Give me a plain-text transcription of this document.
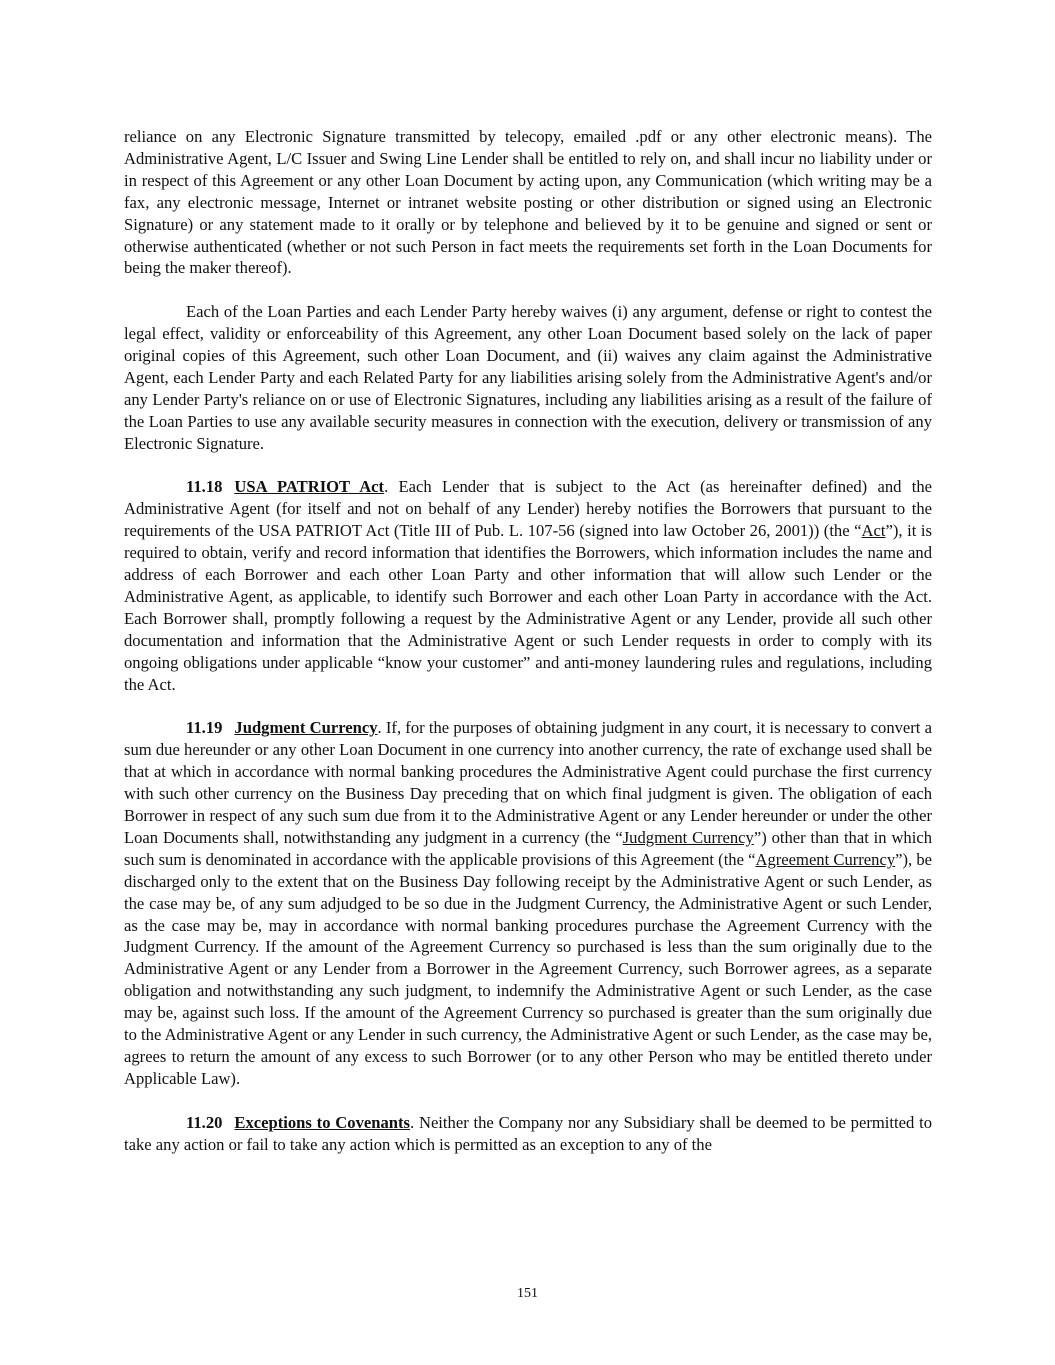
reliance on any Electronic Signature transmitted by telecopy, emailed .pdf or any other electronic means). The Administrative Agent, L/C Issuer and Swing Line Lender shall be entitled to rely on, and shall incur no liability under or in respect of this Agreement or any other Loan Document by acting upon, any Communication (which writing may be a fax, any electronic message, Internet or intranet website posting or other distribution or signed using an Electronic Signature) or any statement made to it orally or by telephone and believed by it to be genuine and signed or sent or otherwise authenticated (whether or not such Person in fact meets the requirements set forth in the Loan Documents for being the maker thereof).

Each of the Loan Parties and each Lender Party hereby waives (i) any argument, defense or right to contest the legal effect, validity or enforceability of this Agreement, any other Loan Document based solely on the lack of paper original copies of this Agreement, such other Loan Document, and (ii) waives any claim against the Administrative Agent, each Lender Party and each Related Party for any liabilities arising solely from the Administrative Agent's and/or any Lender Party's reliance on or use of Electronic Signatures, including any liabilities arising as a result of the failure of the Loan Parties to use any available security measures in connection with the execution, delivery or transmission of any Electronic Signature.

11.18 USA PATRIOT Act. Each Lender that is subject to the Act (as hereinafter defined) and the Administrative Agent (for itself and not on behalf of any Lender) hereby notifies the Borrowers that pursuant to the requirements of the USA PATRIOT Act (Title III of Pub. L. 107-56 (signed into law October 26, 2001)) (the “Act”), it is required to obtain, verify and record information that identifies the Borrowers, which information includes the name and address of each Borrower and each other Loan Party and other information that will allow such Lender or the Administrative Agent, as applicable, to identify such Borrower and each other Loan Party in accordance with the Act. Each Borrower shall, promptly following a request by the Administrative Agent or any Lender, provide all such other documentation and information that the Administrative Agent or such Lender requests in order to comply with its ongoing obligations under applicable “know your customer” and anti-money laundering rules and regulations, including the Act.

11.19 Judgment Currency. If, for the purposes of obtaining judgment in any court, it is necessary to convert a sum due hereunder or any other Loan Document in one currency into another currency, the rate of exchange used shall be that at which in accordance with normal banking procedures the Administrative Agent could purchase the first currency with such other currency on the Business Day preceding that on which final judgment is given. The obligation of each Borrower in respect of any such sum due from it to the Administrative Agent or any Lender hereunder or under the other Loan Documents shall, notwithstanding any judgment in a currency (the “Judgment Currency”) other than that in which such sum is denominated in accordance with the applicable provisions of this Agreement (the “Agreement Currency”), be discharged only to the extent that on the Business Day following receipt by the Administrative Agent or such Lender, as the case may be, of any sum adjudged to be so due in the Judgment Currency, the Administrative Agent or such Lender, as the case may be, may in accordance with normal banking procedures purchase the Agreement Currency with the Judgment Currency. If the amount of the Agreement Currency so purchased is less than the sum originally due to the Administrative Agent or any Lender from a Borrower in the Agreement Currency, such Borrower agrees, as a separate obligation and notwithstanding any such judgment, to indemnify the Administrative Agent or such Lender, as the case may be, against such loss. If the amount of the Agreement Currency so purchased is greater than the sum originally due to the Administrative Agent or any Lender in such currency, the Administrative Agent or such Lender, as the case may be, agrees to return the amount of any excess to such Borrower (or to any other Person who may be entitled thereto under Applicable Law).

11.20 Exceptions to Covenants. Neither the Company nor any Subsidiary shall be deemed to be permitted to take any action or fail to take any action which is permitted as an exception to any of the

151
